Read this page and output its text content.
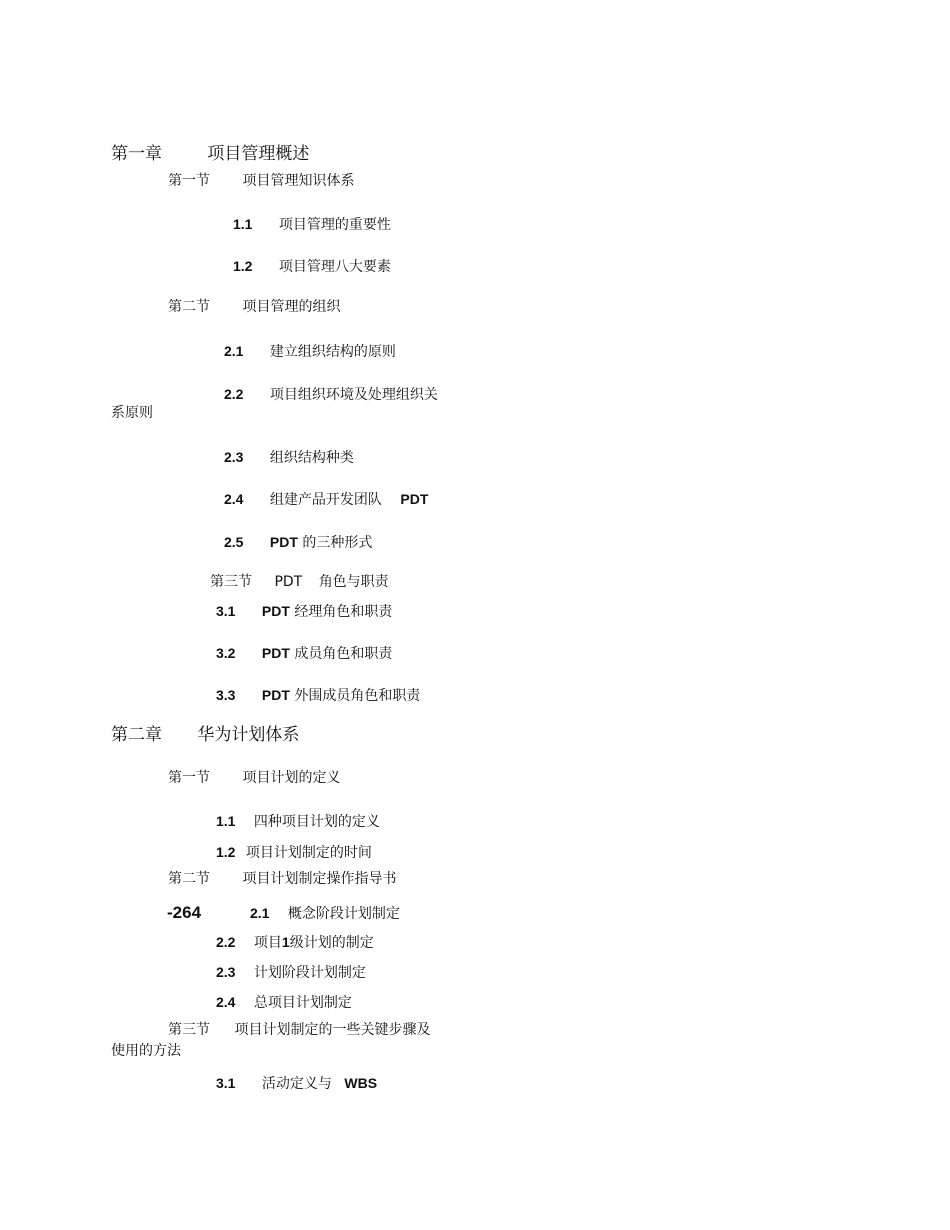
第一章	项目管理概述
第一节 项目管理知识体系
1.1 项目管理的重要性
1.2 项目管理八大要素
第二节 项目管理的组织
2.1 建立组织结构的原则
2.2 项目组织环境及处理组织关
系原则
2.3 组织结构种类
2.4 组建产品开发团队 PDT
2.5 PDT 的三种形式
第三节 PDT 角色与职责
3.1 PDT 经理角色和职责
3.2 PDT 成员角色和职责
3.3 PDT 外围成员角色和职责
第二章 华为计划体系
第一节 项目计划的定义
1.1 四种项目计划的定义
1.2 项目计划制定的时间
第二节 项目计划制定操作指导书
-264	2.1 概念阶段计划制定
2.2 项目1级计划的制定
2.3 计划阶段计划制定
2.4 总项目计划制定
第三节 项目计划制定的一些关键步骤及
使用的方法
3.1 活动定义与 WBS
